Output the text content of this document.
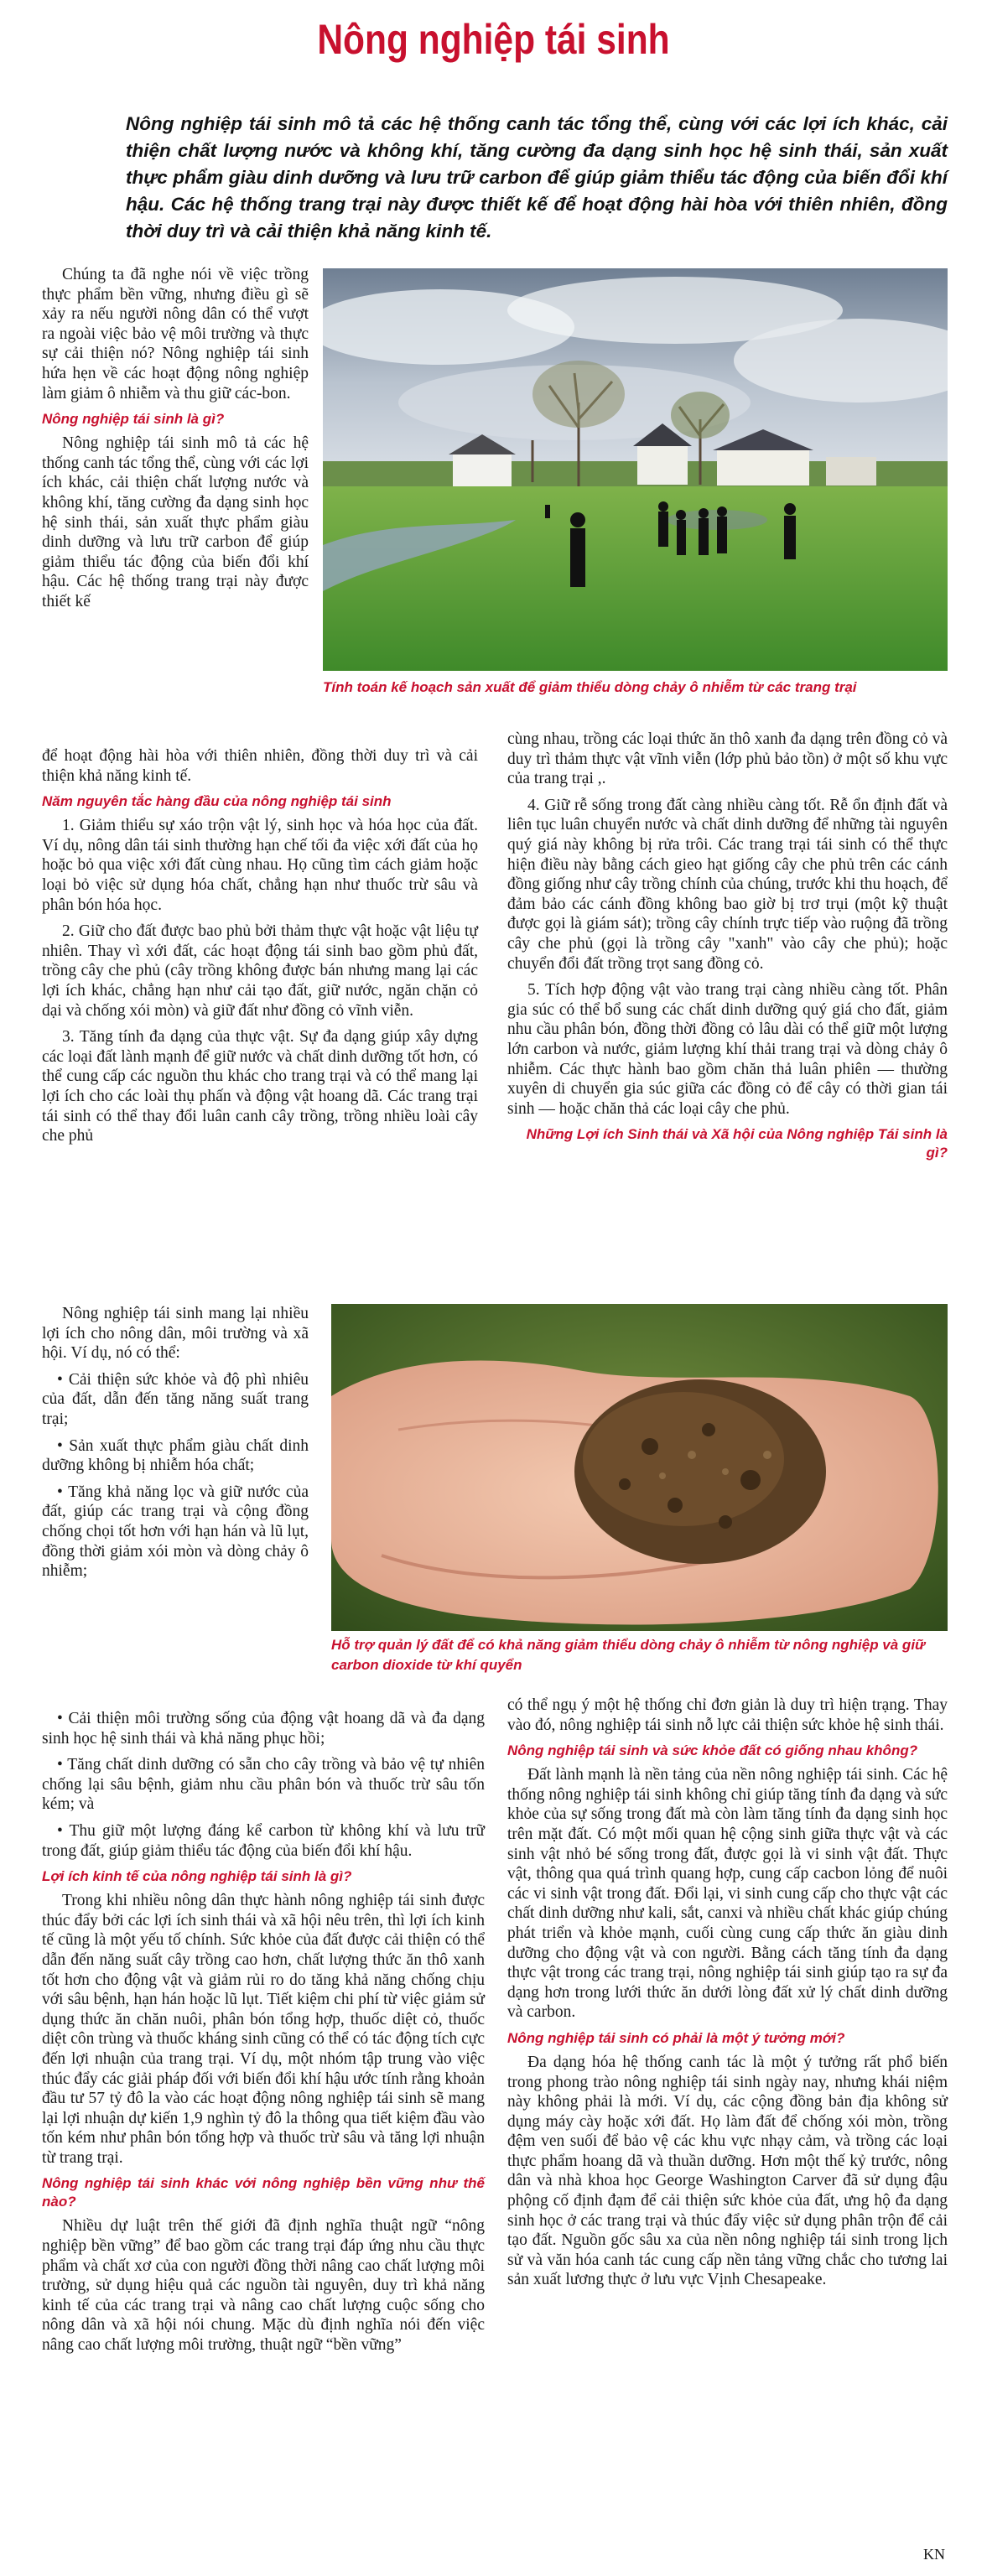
Nông nghiệp tái sinh
Nông nghiệp tái sinh mô tả các hệ thống canh tác tổng thể, cùng với các lợi ích khác, cải thiện chất lượng nước và không khí, tăng cường đa dạng sinh học hệ sinh thái, sản xuất thực phẩm giàu dinh dưỡng và lưu trữ carbon để giúp giảm thiểu tác động của biến đổi khí hậu. Các hệ thống trang trại này được thiết kế để hoạt động hài hòa với thiên nhiên, đồng thời duy trì và cải thiện khả năng kinh tế.
Tính toán kế hoạch sản xuất để giảm thiểu dòng chảy ô nhiễm từ các trang trại

Chúng ta đã nghe nói về việc trồng thực phẩm bền vững, nhưng điều gì sẽ xảy ra nếu người nông dân có thể vượt ra ngoài việc bảo vệ môi trường và thực sự cải thiện nó? Nông nghiệp tái sinh hứa hẹn về các hoạt động nông nghiệp làm giảm ô nhiễm và thu giữ các-bon.

Nông nghiệp tái sinh là gì?

Nông nghiệp tái sinh mô tả các hệ thống canh tác tổng thể, cùng với các lợi ích khác, cải thiện chất lượng nước và không khí, tăng cường đa dạng sinh học hệ sinh thái, sản xuất thực phẩm giàu dinh dưỡng và lưu trữ carbon để giúp giảm thiểu tác động của biến đổi khí hậu. Các hệ thống trang trại này được thiết kế

để hoạt động hài hòa với thiên nhiên, đồng thời duy trì và cải thiện khả năng kinh tế.

Năm nguyên tắc hàng đầu của nông nghiệp tái sinh

1. Giảm thiểu sự xáo trộn vật lý, sinh học và hóa học của đất. Ví dụ, nông dân tái sinh thường hạn chế tối đa việc xới đất của họ hoặc bỏ qua việc xới đất cùng nhau. Họ cũng tìm cách giảm hoặc loại bỏ việc sử dụng hóa chất, chẳng hạn như thuốc trừ sâu và phân bón hóa học.

2. Giữ cho đất được bao phủ bởi thảm thực vật hoặc vật liệu tự nhiên. Thay vì xới đất, các hoạt động tái sinh bao gồm phủ đất, trồng cây che phủ (cây trồng không được bán nhưng mang lại các lợi ích khác, chẳng hạn như cải tạo đất, giữ nước, ngăn chặn cỏ dại và chống xói mòn) và giữ đất như đồng cỏ vĩnh viễn.

3. Tăng tính đa dạng của thực vật. Sự đa dạng giúp xây dựng các loại đất lành mạnh để giữ nước và chất dinh dưỡng tốt hơn, có thể cung cấp các nguồn thu khác cho trang trại và có thể mang lại lợi ích cho các loài thụ phấn và động vật hoang dã. Các trang trại tái sinh có thể thay đổi luân canh cây trồng, trồng nhiều loài cây che phủ

cùng nhau, trồng các loại thức ăn thô xanh đa dạng trên đồng cỏ và duy trì thảm thực vật vĩnh viễn (lớp phủ bảo tồn) ở một số khu vực của trang trại ,.

4. Giữ rễ sống trong đất càng nhiều càng tốt. Rễ ổn định đất và liên tục luân chuyển nước và chất dinh dưỡng để những tài nguyên quý giá này không bị rửa trôi. Các trang trại tái sinh có thể thực hiện điều này bằng cách gieo hạt giống cây che phủ trên các cánh đồng giống như cây trồng chính của chúng, trước khi thu hoạch, để đảm bảo các cánh đồng không bao giờ bị trơ trụi (một kỹ thuật được gọi là giám sát); trồng cây chính trực tiếp vào ruộng đã trồng cây che phủ (gọi là trồng cây "xanh" vào cây che phủ); hoặc chuyển đổi đất trồng trọt sang đồng cỏ.

5. Tích hợp động vật vào trang trại càng nhiều càng tốt. Phân gia súc có thể bổ sung các chất dinh dưỡng quý giá cho đất, giảm nhu cầu phân bón, đồng thời đồng cỏ lâu dài có thể giữ một lượng lớn carbon và nước, giảm lượng khí thải trang trại và dòng chảy ô nhiễm. Các thực hành bao gồm chăn thả luân phiên — thường xuyên di chuyển gia súc giữa các đồng cỏ để cây có thời gian tái sinh — hoặc chăn thả các loại cây che phủ.

Những Lợi ích Sinh thái và Xã hội của Nông nghiệp Tái sinh là gì?
Hỗ trợ quản lý đất để có khả năng giảm thiểu dòng chảy ô nhiễm từ nông nghiệp và giữ carbon dioxide từ khí quyển

Nông nghiệp tái sinh mang lại nhiều lợi ích cho nông dân, môi trường và xã hội. Ví dụ, nó có thể:

• Cải thiện sức khỏe và độ phì nhiêu của đất, dẫn đến tăng năng suất trang trại;
• Sản xuất thực phẩm giàu chất dinh dưỡng không bị nhiễm hóa chất;
• Tăng khả năng lọc và giữ nước của đất, giúp các trang trại và cộng đồng chống chọi tốt hơn với hạn hán và lũ lụt, đồng thời giảm xói mòn và dòng chảy ô nhiễm;
• Cải thiện môi trường sống của động vật hoang dã và đa dạng sinh học hệ sinh thái và khả năng phục hồi;
• Tăng chất dinh dưỡng có sẵn cho cây trồng và bảo vệ tự nhiên chống lại sâu bệnh, giảm nhu cầu phân bón và thuốc trừ sâu tốn kém; và
• Thu giữ một lượng đáng kể carbon từ không khí và lưu trữ trong đất, giúp giảm thiểu tác động của biến đổi khí hậu.
Lợi ích kinh tế của nông nghiệp tái sinh là gì?

Trong khi nhiều nông dân thực hành nông nghiệp tái sinh được thúc đẩy bởi các lợi ích sinh thái và xã hội nêu trên, thì lợi ích kinh tế cũng là một yếu tố chính. Sức khỏe của đất được cải thiện có thể dẫn đến năng suất cây trồng cao hơn, chất lượng thức ăn thô xanh tốt hơn cho động vật và giảm rủi ro do tăng khả năng chống chịu với sâu bệnh, hạn hán hoặc lũ lụt. Tiết kiệm chi phí từ việc giảm sử dụng thức ăn chăn nuôi, phân bón tổng hợp, thuốc diệt cỏ, thuốc diệt côn trùng và thuốc kháng sinh cũng có thể có tác động tích cực đến lợi nhuận của trang trại. Ví dụ, một nhóm tập trung vào việc thúc đẩy các giải pháp đối với biến đổi khí hậu ước tính rằng khoản đầu tư 57 tỷ đô la vào các hoạt động nông nghiệp tái sinh sẽ mang lại lợi nhuận dự kiến 1,9 nghìn tỷ đô la thông qua tiết kiệm đầu vào tốn kém như phân bón tổng hợp và thuốc trừ sâu và tăng lợi nhuận từ trang trại.

Nông nghiệp tái sinh khác với nông nghiệp bền vững như thế nào?

Nhiều dự luật trên thế giới đã định nghĩa thuật ngữ “nông nghiệp bền vững” để bao gồm các trang trại đáp ứng nhu cầu thực phẩm và chất xơ của con người đồng thời nâng cao chất lượng môi trường, sử dụng hiệu quả các nguồn tài nguyên, duy trì khả năng kinh tế của các trang trại và nâng cao chất lượng cuộc sống cho nông dân và xã hội nói chung. Mặc dù định nghĩa nói đến việc nâng cao chất lượng môi trường, thuật ngữ “bền vững”

có thể ngụ ý một hệ thống chỉ đơn giản là duy trì hiện trạng. Thay vào đó, nông nghiệp tái sinh nỗ lực cải thiện sức khỏe hệ sinh thái.

Nông nghiệp tái sinh và sức khỏe đất có giống nhau không?

Đất lành mạnh là nền tảng của nền nông nghiệp tái sinh. Các hệ thống nông nghiệp tái sinh không chỉ giúp tăng tính đa dạng và sức khỏe của sự sống trong đất mà còn làm tăng tính đa dạng sinh học trên mặt đất. Có một mối quan hệ cộng sinh giữa thực vật và các sinh vật nhỏ bé sống trong đất, được gọi là vi sinh vật đất. Thực vật, thông qua quá trình quang hợp, cung cấp cacbon lỏng để nuôi các vi sinh vật trong đất. Đổi lại, vi sinh cung cấp cho thực vật các chất dinh dưỡng như kali, sắt, canxi và nhiều chất khác giúp chúng phát triển và khỏe mạnh, cuối cùng cung cấp thức ăn giàu dinh dưỡng cho động vật và con người. Bằng cách tăng tính đa dạng thực vật trong các trang trại, nông nghiệp tái sinh giúp tạo ra sự đa dạng hơn trong lưới thức ăn dưới lòng đất xử lý chất dinh dưỡng và carbon.

Nông nghiệp tái sinh có phải là một ý tưởng mới?

Đa dạng hóa hệ thống canh tác là một ý tưởng rất phổ biến trong phong trào nông nghiệp tái sinh ngày nay, nhưng khái niệm này không phải là mới. Ví dụ, các cộng đồng bản địa không sử dụng máy cày hoặc xới đất. Họ làm đất để chống xói mòn, trồng đệm ven suối để bảo vệ các khu vực nhạy cảm, và trồng các loại thực phẩm hoang dã và thuần dưỡng. Hơn một thế kỷ trước, nông dân và nhà khoa học George Washington Carver đã sử dụng đậu phộng cố định đạm để cải thiện sức khỏe của đất, ưng hộ đa dạng sinh học ở các trang trại và thúc đẩy việc sử dụng phân trộn để cải tạo đất. Nguồn gốc sâu xa của nền nông nghiệp tái sinh trong lịch sử và văn hóa canh tác cung cấp nền tảng vững chắc cho tương lai sản xuất lương thực ở lưu vực Vịnh Chesapeake.

KN
